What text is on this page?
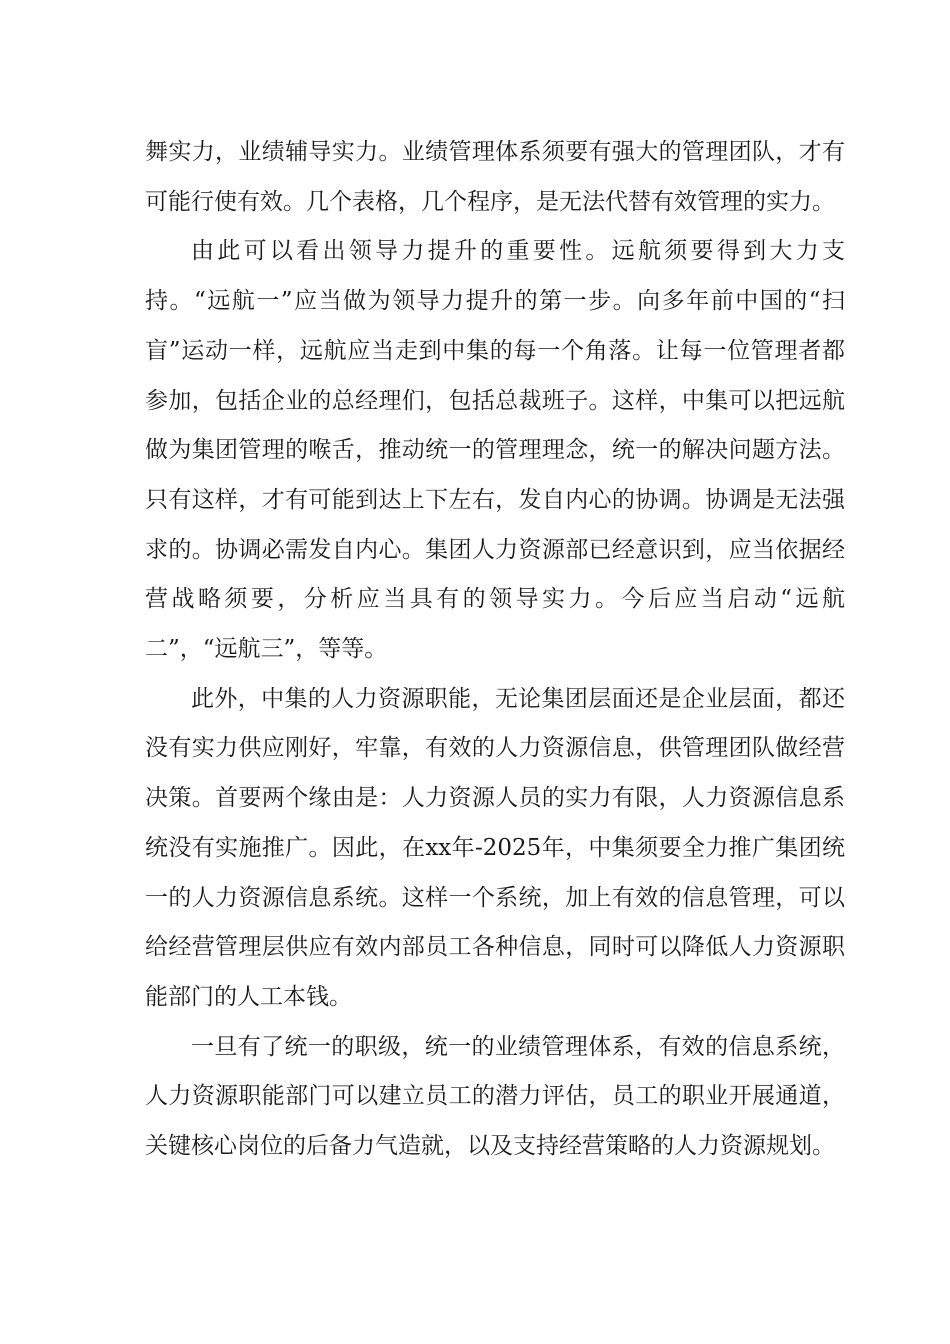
舞实力，业绩辅导实力。业绩管理体系须要有强大的管理团队，才有可能行使有效。几个表格，几个程序，是无法代替有效管理的实力。

由此可以看出领导力提升的重要性。远航须要得到大力支持。“远航一”应当做为领导力提升的第一步。向多年前中国的“扫盲”运动一样，远航应当走到中集的每一个角落。让每一位管理者都参加，包括企业的总经理们，包括总裁班子。这样，中集可以把远航做为集团管理的喉舌，推动统一的管理理念，统一的解决问题方法。只有这样，才有可能到达上下左右，发自内心的协调。协调是无法强求的。协调必需发自内心。集团人力资源部已经意识到，应当依据经营战略须要，分析应当具有的领导实力。今后应当启动“远航二”，“远航三”，等等。

此外，中集的人力资源职能，无论集团层面还是企业层面，都还没有实力供应刚好，牢靠，有效的人力资源信息，供管理团队做经营决策。首要两个缘由是：人力资源人员的实力有限，人力资源信息系统没有实施推广。因此，在xx年-2025年，中集须要全力推广集团统一的人力资源信息系统。这样一个系统，加上有效的信息管理，可以给经营管理层供应有效内部员工各种信息，同时可以降低人力资源职能部门的人工本钱。

一旦有了统一的职级，统一的业绩管理体系，有效的信息系统，人力资源职能部门可以建立员工的潜力评估，员工的职业开展通道，关键核心岗位的后备力气造就，以及支持经营策略的人力资源规划。
